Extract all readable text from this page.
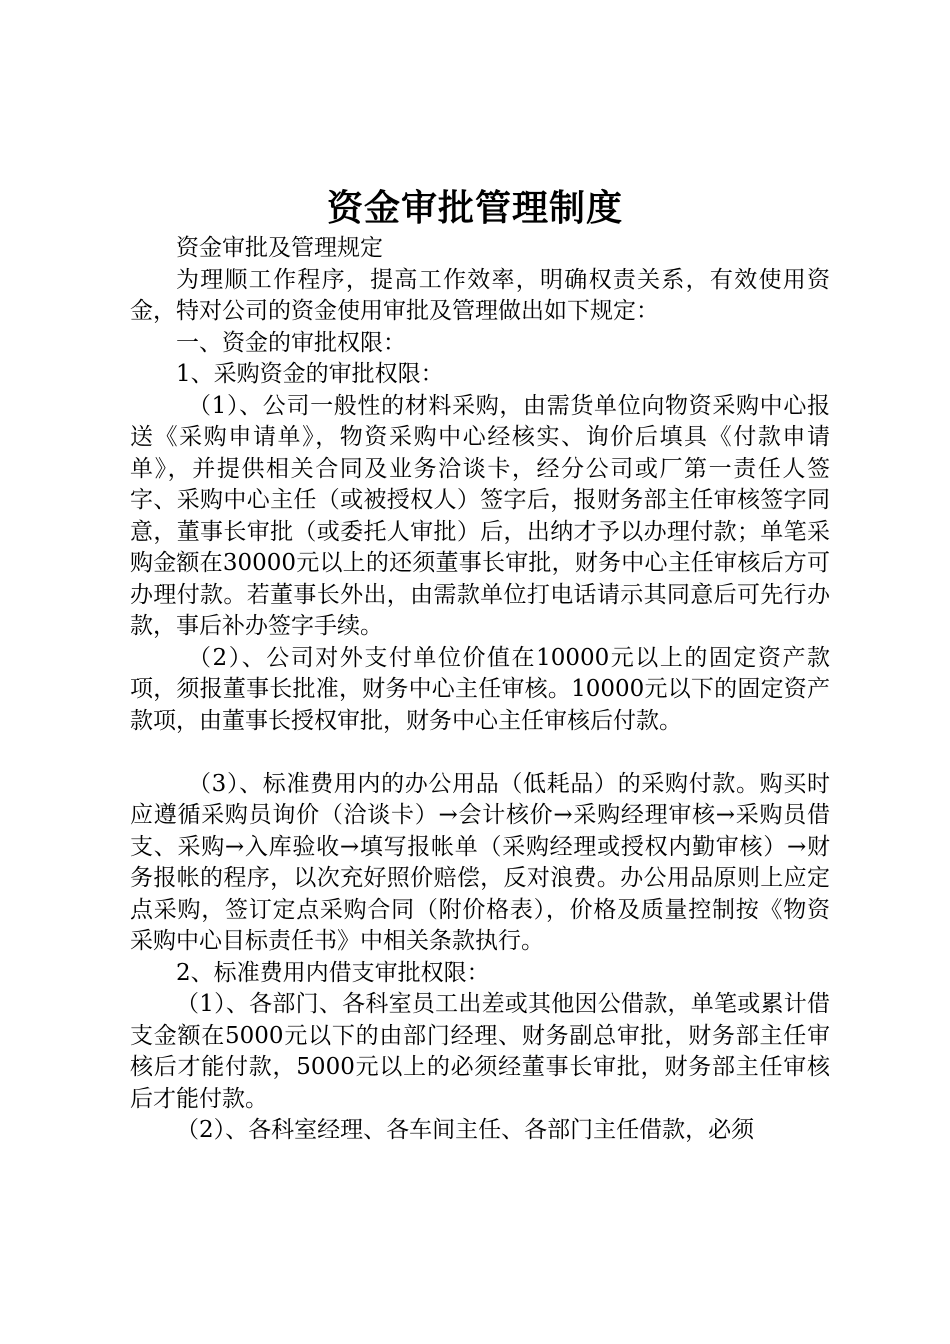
资金审批管理制度

资金审批及管理规定

为理顺工作程序，提高工作效率，明确权责关系，有效使用资金，特对公司的资金使用审批及管理做出如下规定：

一、资金的审批权限：

1、采购资金的审批权限：

（1）、公司一般性的材料采购，由需货单位向物资采购中心报送《采购申请单》，物资采购中心经核实、询价后填具《付款申请单》，并提供相关合同及业务洽谈卡，经分公司或厂第一责任人签字、采购中心主任（或被授权人）签字后，报财务部主任审核签字同意，董事长审批（或委托人审批）后，出纳才予以办理付款；单笔采购金额在30000元以上的还须董事长审批，财务中心主任审核后方可办理付款。若董事长外出，由需款单位打电话请示其同意后可先行办款，事后补办签字手续。

（2）、公司对外支付单位价值在10000元以上的固定资产款项，须报董事长批准，财务中心主任审核。10000元以下的固定资产款项，由董事长授权审批，财务中心主任审核后付款。

（3）、标准费用内的办公用品（低耗品）的采购付款。购买时应遵循采购员询价（洽谈卡）→会计核价→采购经理审核→采购员借支、采购→入库验收→填写报帐单（采购经理或授权内勤审核）→财务报帐的程序，以次充好照价赔偿，反对浪费。办公用品原则上应定点采购，签订定点采购合同（附价格表），价格及质量控制按《物资采购中心目标责任书》中相关条款执行。

2、标准费用内借支审批权限：

（1）、各部门、各科室员工出差或其他因公借款，单笔或累计借支金额在5000元以下的由部门经理、财务副总审批，财务部主任审核后才能付款，5000元以上的必须经董事长审批，财务部主任审核后才能付款。

（2）、各科室经理、各车间主任、各部门主任借款，必须
